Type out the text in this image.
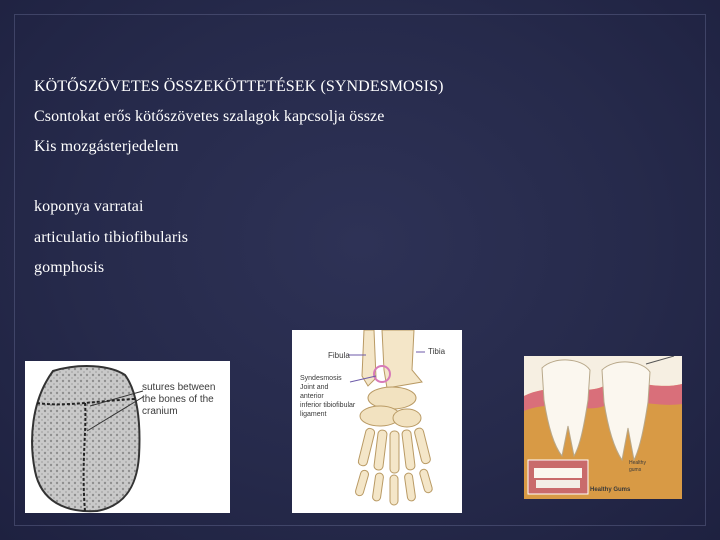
KÖTŐSZÖVETES ÖSSZEKÖTTETÉSEK (SYNDESMOSIS)
Csontokat erős kötőszövetes szalagok kapcsolja össze
Kis mozgásterjedelem
koponya varratai
articulatio tibiofibularis
gomphosis
sutures between
the bones of the
cranium
Fibula	Tibia
Syndesmosis
Joint and
anterior
inferior tibiofibular
ligament
Healthy
gums
Healthy Gums
